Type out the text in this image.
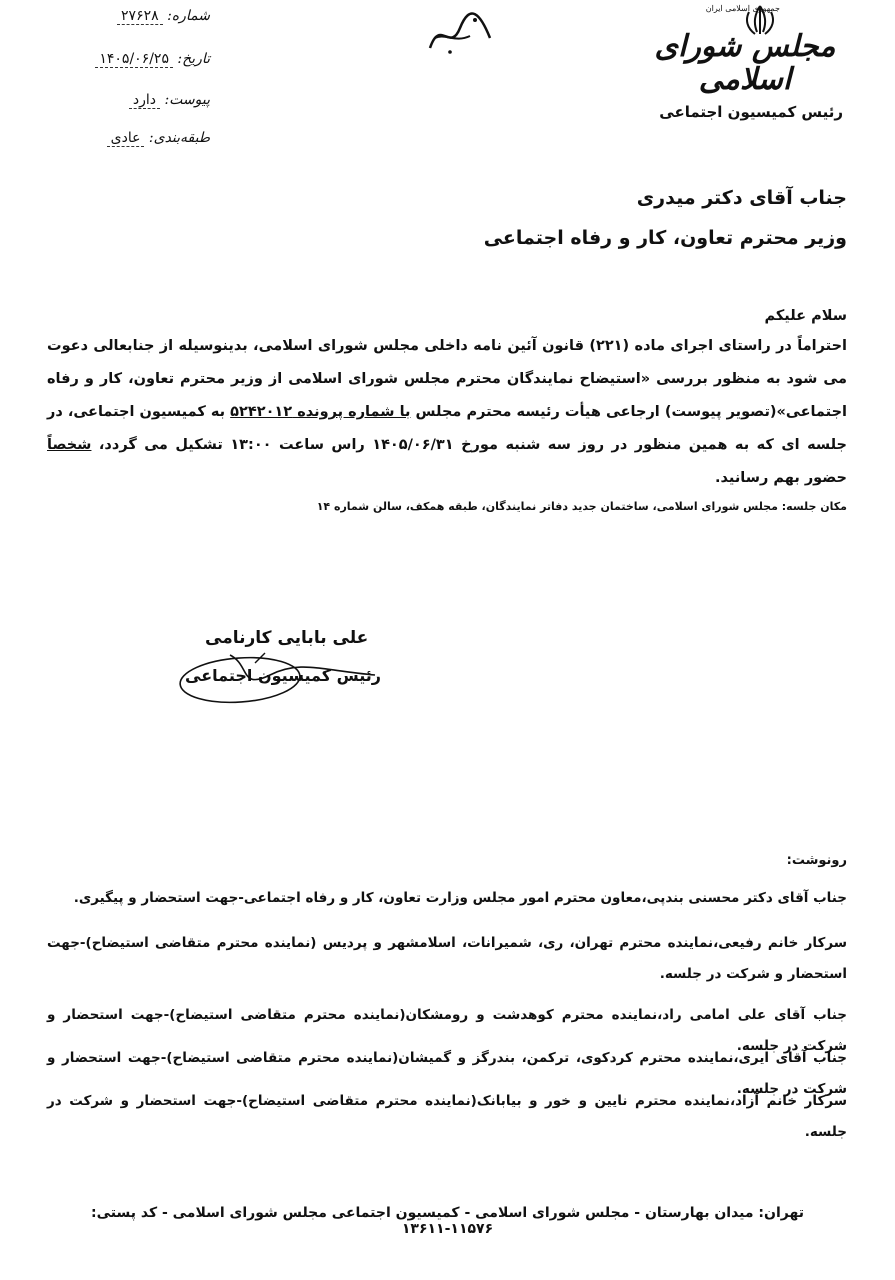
شماره: ۲۷۶۲۸
تاریخ: ۱۴۰۵/۰۶/۲۵
پیوست: دارد
طبقه‌بندی: عادی
جمهوری اسلامی ایران
مجلس شورای اسلامی
رئیس کمیسیون اجتماعی
جناب آقای دکتر میدری
وزیر محترم تعاون، کار و رفاه اجتماعی
سلام علیکم
احتراماً در راستای اجرای ماده (۲۲۱) قانون آئین نامه داخلی مجلس شورای اسلامی، بدینوسیله از جنابعالی دعوت می شود به منظور بررسی «استیضاح نمایندگان محترم مجلس شورای اسلامی از وزیر محترم تعاون، کار و رفاه اجتماعی»(تصویر پیوست) ارجاعی هیأت رئیسه محترم مجلس با شماره پرونده ۵۲۴۲۰۱۲ به کمیسیون اجتماعی، در جلسه ای که به همین منظور در روز سه شنبه مورخ ۱۴۰۵/۰۶/۳۱ راس ساعت ۱۳:۰۰ تشکیل می گردد، شخصاً حضور بهم رسانید.
مکان جلسه: مجلس شورای اسلامی، ساختمان جدید دفاتر نمایندگان، طبقه همکف، سالن شماره ۱۴
علی بابایی کارنامی
رئیس کمیسیون اجتماعی
رونوشت:
جناب آقای دکتر محسنی بندپی،معاون محترم امور مجلس وزارت تعاون، کار و رفاه اجتماعی-جهت استحضار و پیگیری.
سرکار خانم رفیعی،نماینده محترم تهران، ری، شمیرانات، اسلامشهر و پردیس (نماینده محترم متقاضی استیضاح)-جهت استحضار و شرکت در جلسه.
جناب آقای علی امامی راد،نماینده محترم کوهدشت و رومشکان(نماینده محترم متقاضی استیضاح)-جهت استحضار و شرکت در جلسه.
جناب آقای ایری،نماینده محترم کردکوی، ترکمن، بندرگز و گمیشان(نماینده محترم متقاضی استیضاح)-جهت استحضار و شرکت در جلسه.
سرکار خانم آزاد،نماینده محترم نایین و خور و بیابانک(نماینده محترم متقاضی استیضاح)-جهت استحضار و شرکت در جلسه.
تهران: میدان بهارستان - مجلس شورای اسلامی - کمیسیون اجتماعی مجلس شورای اسلامی - کد پستی: ۱۱۵۷۶-۱۳۶۱۱
